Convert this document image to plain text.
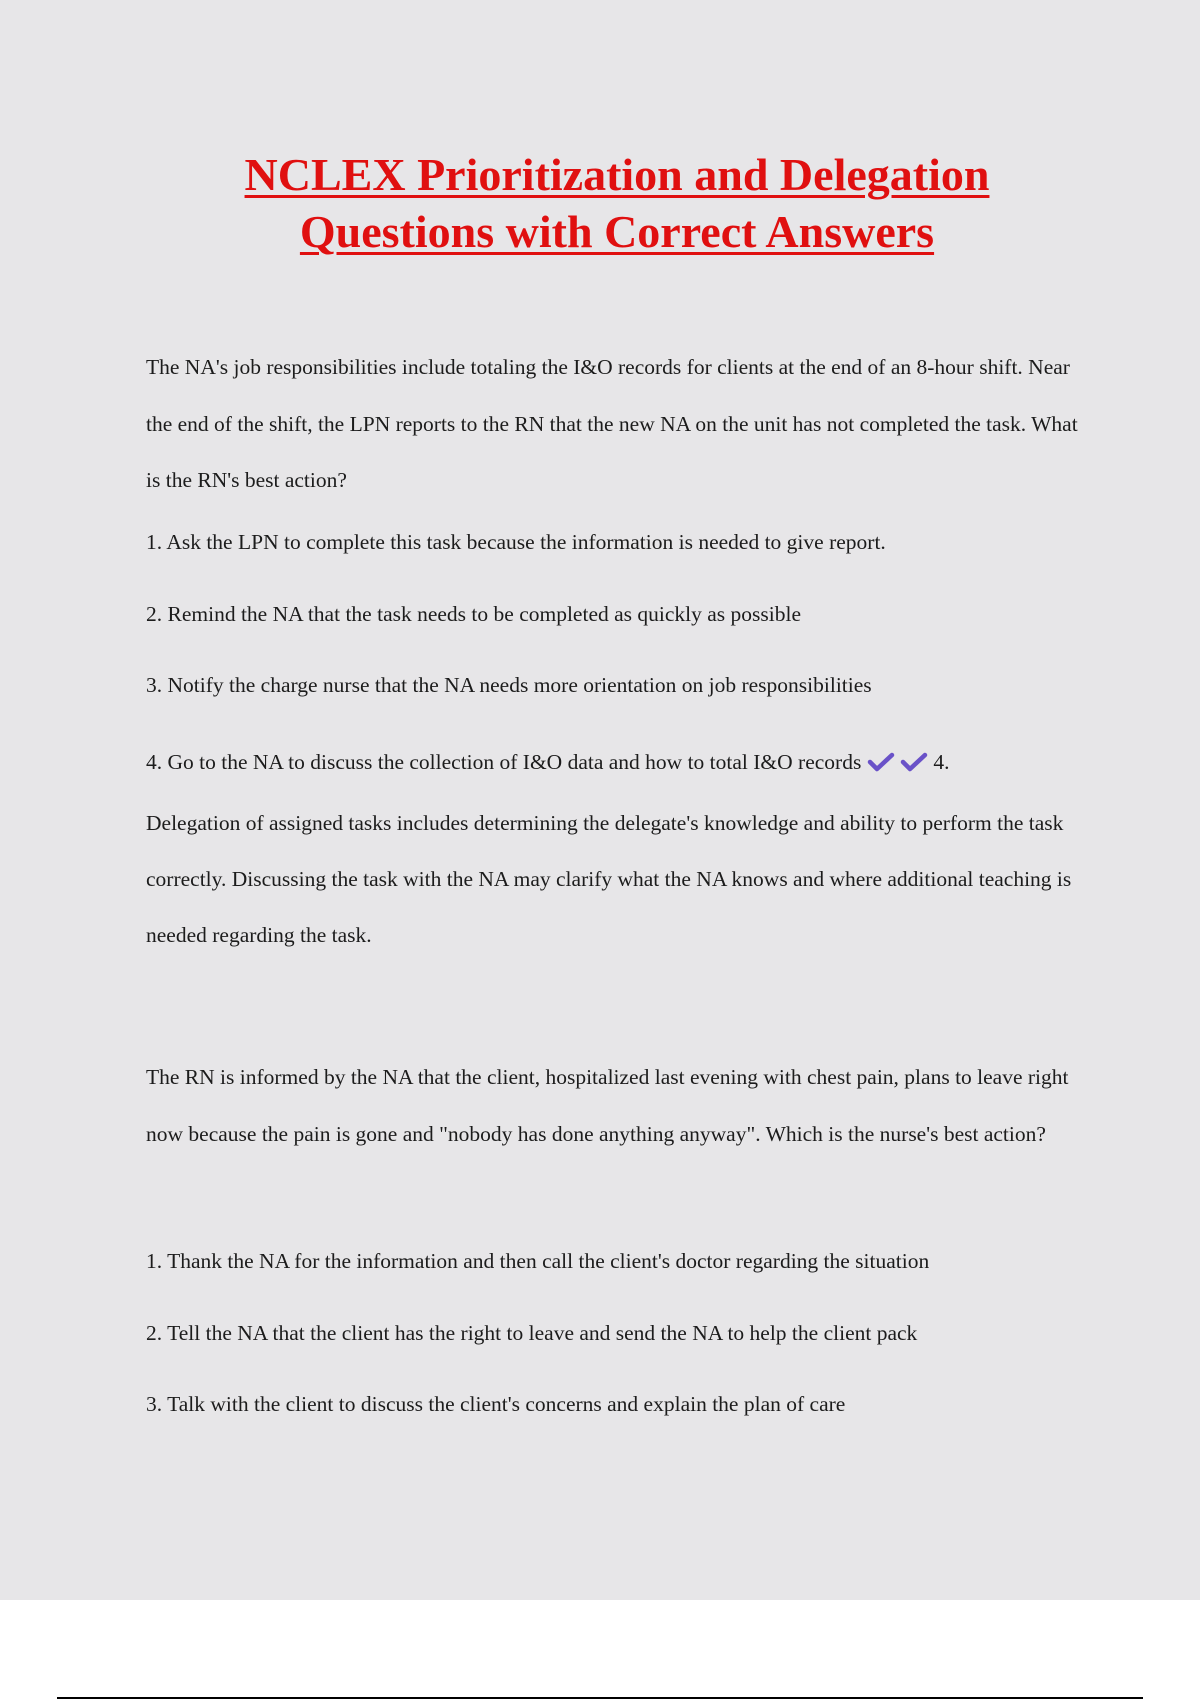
NCLEX Prioritization and Delegation
Questions with Correct Answers
The NA's job responsibilities include totaling the I&O records for clients at the end of an 8-hour shift. Near the end of the shift, the LPN reports to the RN that the new NA on the unit has not completed the task. What is the RN's best action?
1. Ask the LPN to complete this task because the information is needed to give report.
2. Remind the NA that the task needs to be completed as quickly as possible
3. Notify the charge nurse that the NA needs more orientation on job responsibilities
4. Go to the NA to discuss the collection of I&O data and how to total I&O records	4.
Delegation of assigned tasks includes determining the delegate's knowledge and ability to perform the task correctly. Discussing the task with the NA may clarify what the NA knows and where additional teaching is needed regarding the task.
The RN is informed by the NA that the client, hospitalized last evening with chest pain, plans to leave right now because the pain is gone and "nobody has done anything anyway". Which is the nurse's best action?
1. Thank the NA for the information and then call the client's doctor regarding the situation
2. Tell the NA that the client has the right to leave and send the NA to help the client pack
3. Talk with the client to discuss the client's concerns and explain the plan of care
